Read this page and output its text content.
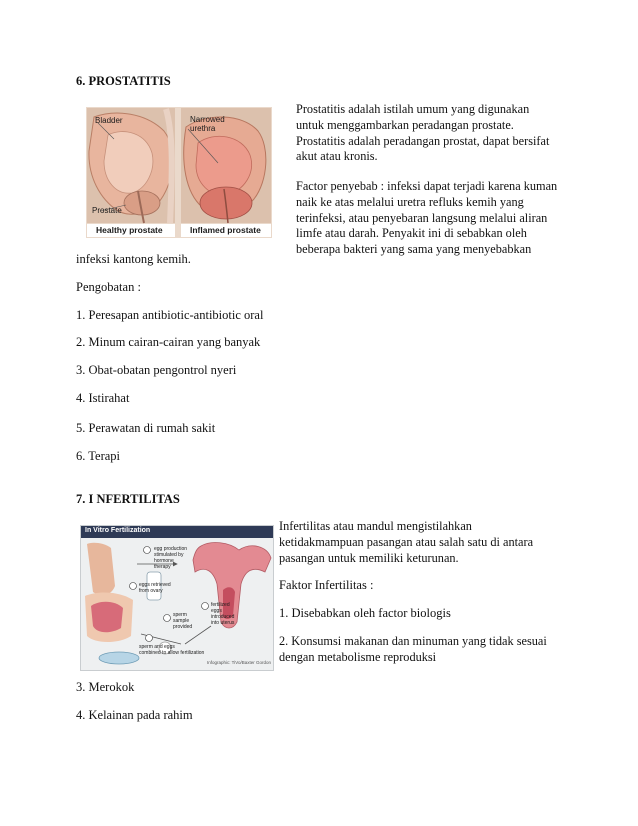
6. PROSTATITIS
Bladder	Narrowed
urethra
Prostate
Healthy prostate	Inflamed prostate
Prostatitis adalah istilah umum yang digunakan
untuk menggambarkan peradangan prostate.
Prostatitis adalah peradangan prostat, dapat bersifat
akut atau kronis.
Factor penyebab : infeksi dapat terjadi karena kuman
naik ke atas melalui uretra refluks kemih yang
terinfeksi, atau penyebaran langsung melalui aliran
limfe atau darah. Penyakit ini di sebabkan oleh
beberapa bakteri yang sama yang menyebabkan
infeksi kantong kemih.
Pengobatan :
1. Peresapan antibiotic-antibiotic oral
2. Minum cairan-cairan yang banyak
3. Obat-obatan pengontrol nyeri
4. Istirahat
5. Perawatan di rumah sakit
6. Terapi
7. I NFERTILITAS
In Vitro Fertilization
egg production
stimulated by
hormone
therapy
eggs retrieved
from ovary
sperm
sample
provided
sperm and eggs
combined to allow fertilization
fertilized
eggs
introduced
into uterus
Infographic: TiVo/Baxter Gordon
Infertilitas atau mandul mengistilahkan
ketidakmampuan pasangan atau salah satu di antara
pasangan untuk memiliki keturunan.
Faktor Infertilitas :
1. Disebabkan oleh factor biologis
2. Konsumsi makanan dan minuman yang tidak sesuai
dengan metabolisme reproduksi
3. Merokok
4. Kelainan pada rahim
